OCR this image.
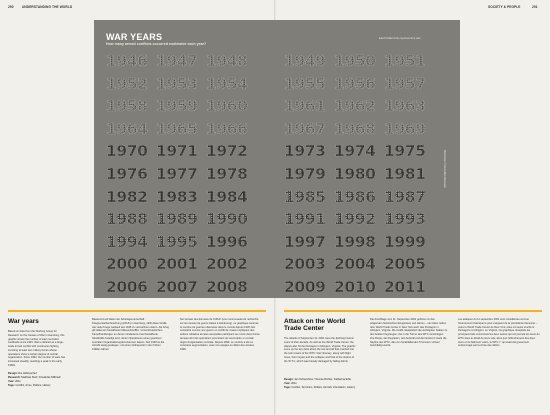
290	UNDERSTANDING THE WORLD	SOCIETY & PEOPLE	291
WAR YEARS
How many armed conflicts occurred worldwide each year?
Each bullet hole represents a war
Illustration © Anuschka Wesseler
1946 1947 1948 1949 1950 1951
1952 1953 1954 1955 1956 1957
1958 1959 1960 1961 1962 1963
1964 1965 1966 1967 1968 1969
1970 1971 1972 1973 1974 1975
1976 1977 1978 1979 1980 1981
1982 1983 1984 1985 1986 1987
1988 1989 1990 1991 1992 1993
1994 1995 1996 1997 1998 1999
2000 2001 2002 2003 2004 2005
2006 2007 2008 2009 2010 2011
War years
Based on data from the Working Group for Research on the Causes of War in Hamburg, this graphic shows the number of wars recorded worldwide since 1945. War is defined as a large-scale armed conflict with continuous fighting involving at least two military forces whose operations show a certain degree of central organization. Since 1993, the number of wars has increased steadily, reaching a peak in the early 1990s.
Design: Die Hobbyschef
Research: Matthias Stolz, Friederike Milbradt
Year: 2011
Tags: Conflict, Arms, Politics, History
Basierend auf Daten der Arbeitsgemeinschaft Kriegsursachenforschung (AKUF) in Hamburg, zählt diese Grafik, wie viele Kriege weltweit seit 1945 zu verzeichnen waren. Als Krieg gilt dabei ein bewaffneter Massenkonflikt, mit kontinuierlichen Kampfhandlungen an denen mindestens zwei bewaffnete Streitkräfte beteiligt sind, deren Operationen einen gewissen zentralen Organisationsgrad erkennen lassen. Seit 1993 ist die Anzahl stetig gestiegen, mit einem Höhepunkt in den frühen 1990er-Jahren.
Sur la base des données de l'AKUF (une communauté de recherche sur les causes de guerre basée à Hambourg), ce graphique recense le nombre de guerres observées dans le monde depuis 1945. Est considéré comme une guerre un conflit de masse impliquant des actions militaires armées auxquelles participent au moins deux forces armées dont les opérations permettent de reconnaître un certain degré d'organisation centrale. Depuis 1993, ce nombre a été en constante augmentation, avec une apogée au début des années 1990.
Attack on the World Trade Center
The attacks of September 11, 2001 were the defining historic event of their decade. As well as the World Trade Center, the planes also hit the Pentagon in Arlington, Virginia. The graphic sums up the key facts about the two aircraft that crashed into the twin towers of the WTC: their itinerary, along with flight times, their impact and the collapse and final of the skyline of the W.T.C, which was heavily damaged by falling debris.
Design: Jan Schwochow, Thomas Richter, Katharina Erfle
Year: 2011
Tags: Conflict, Terrorism, Politics, Aircraft, Orientation, History
Die Anschläge vom 11. September 2001 gehören zu den prägenden historischen Ereignissen seit Jahren – sie trafen neben dem World Trade Center in New York auch das Pentagon in Arlington, Virginia. Die Grafik rekapituliert die wichtigsten Fakten zu den beiden Flugzeugen, die in die Türme des WTC einschlugen: ihre Route, die Flugzeiten, den Aufprall und den Einsturz sowie die Skyline des WTC, das von herabfallenden Trümmern schwer beschädigt wurde.
Les attaques du 11 septembre 2001 sont considérées comme l'événement historique le plus marquant de la précédente décennie – outre le World Trade Center de New York, elles ont aussi touché le Pentagone à Arlington, en Virginie. Ce graphique récapitule les principaux faits concernant les deux avions qui ont percuté les tours du WTC dans le détail de leurs vols, ainsi que l'effondrement des deux tours et du bâtiment voisin, le WTC 7, qui avait été gravement endommagé par la chute des débris.
